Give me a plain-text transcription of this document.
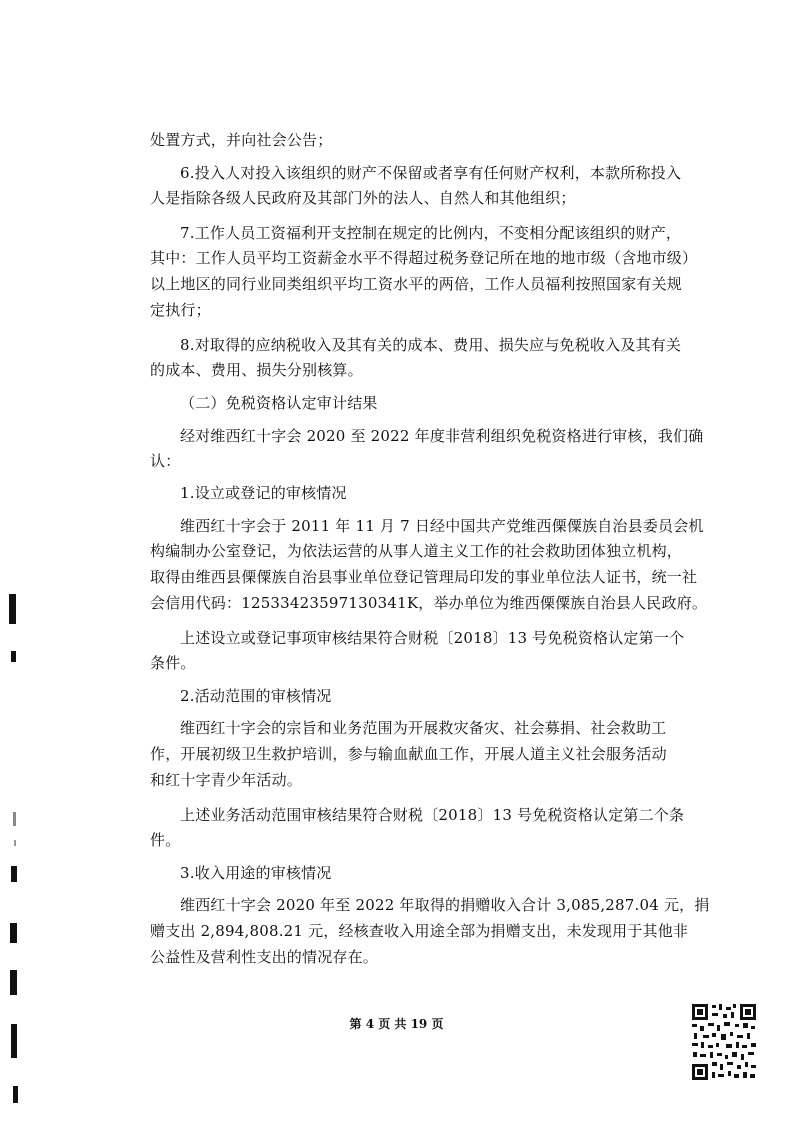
处置方式，并向社会公告；
6.投入人对投入该组织的财产不保留或者享有任何财产权利，本款所称投入
人是指除各级人民政府及其部门外的法人、自然人和其他组织；
7.工作人员工资福利开支控制在规定的比例内，不变相分配该组织的财产，
其中：工作人员平均工资薪金水平不得超过税务登记所在地的地市级（含地市级）
以上地区的同行业同类组织平均工资水平的两倍，工作人员福利按照国家有关规
定执行；
8.对取得的应纳税收入及其有关的成本、费用、损失应与免税收入及其有关
的成本、费用、损失分别核算。
（二）免税资格认定审计结果
经对维西红十字会 2020 至 2022 年度非营利组织免税资格进行审核，我们确
认：
1.设立或登记的审核情况
维西红十字会于 2011 年 11 月 7 日经中国共产党维西傈僳族自治县委员会机
构编制办公室登记，为依法运营的从事人道主义工作的社会救助团体独立机构，
取得由维西县傈僳族自治县事业单位登记管理局印发的事业单位法人证书，统一社
会信用代码：12533423597130341K，举办单位为维西傈僳族自治县人民政府。
上述设立或登记事项审核结果符合财税〔2018〕13 号免税资格认定第一个
条件。
2.活动范围的审核情况
维西红十字会的宗旨和业务范围为开展救灾备灾、社会募捐、社会救助工
作，开展初级卫生救护培训，参与输血献血工作，开展人道主义社会服务活动
和红十字青少年活动。
上述业务活动范围审核结果符合财税〔2018〕13 号免税资格认定第二个条
件。
3.收入用途的审核情况
维西红十字会 2020 年至 2022 年取得的捐赠收入合计 3,085,287.04 元，捐
赠支出 2,894,808.21 元，经核查收入用途全部为捐赠支出，未发现用于其他非
公益性及营利性支出的情况存在。
第 4 页 共 19 页
